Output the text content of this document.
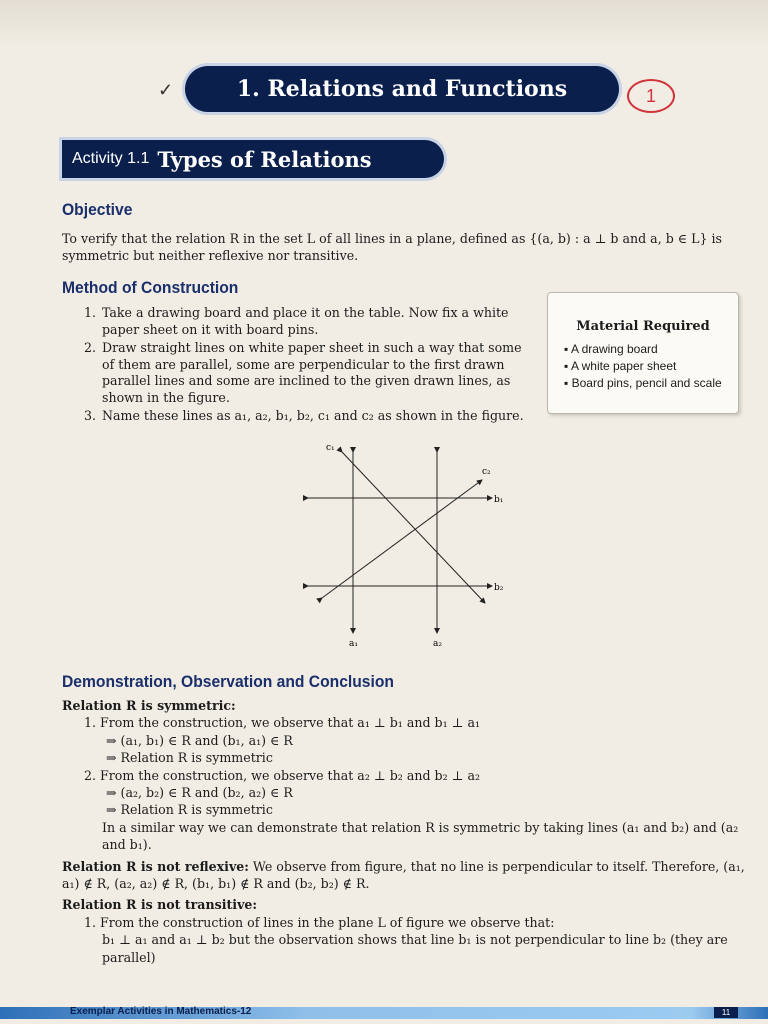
✓	1. Relations and Functions	1
Activity 1.1 Types of Relations
Objective
To verify that the relation R in the set L of all lines in a plane, defined as {(a, b) : a ⊥ b and a, b ∈ L} is symmetric but neither reflexive nor transitive.
Method of Construction
1. Take a drawing board and place it on the table. Now fix a white paper sheet on it with board pins.
2. Draw straight lines on white paper sheet in such a way that some of them are parallel, some are perpendicular to the first drawn parallel lines and some are inclined to the given drawn lines, as shown in the figure.
3. Name these lines as a₁, a₂, b₁, b₂, c₁ and c₂ as shown in the figure.
Material Required
▪ A drawing board
▪ A white paper sheet
▪ Board pins, pencil and scale
c₁
c₂
b₁
b₂
a₁	a₂
Demonstration, Observation and Conclusion
Relation R is symmetric:
1. From the construction, we observe that a₁ ⊥ b₁ and b₁ ⊥ a₁
⇒ (a₁, b₁) ∈ R and (b₁, a₁) ∈ R
⇒ Relation R is symmetric
2. From the construction, we observe that a₂ ⊥ b₂ and b₂ ⊥ a₂
⇒ (a₂, b₂) ∈ R and (b₂, a₂) ∈ R
⇒ Relation R is symmetric
In a similar way we can demonstrate that relation R is symmetric by taking lines (a₁ and b₂) and (a₂ and b₁).
Relation R is not reflexive: We observe from figure, that no line is perpendicular to itself. Therefore, (a₁, a₁) ∉ R, (a₂, a₂) ∉ R, (b₁, b₁) ∉ R and (b₂, b₂) ∉ R.
Relation R is not transitive:
1. From the construction of lines in the plane L of figure we observe that:
b₁ ⊥ a₁ and a₁ ⊥ b₂ but the observation shows that line b₁ is not perpendicular to line b₂ (they are parallel)
Exemplar Activities in Mathematics-12	11
